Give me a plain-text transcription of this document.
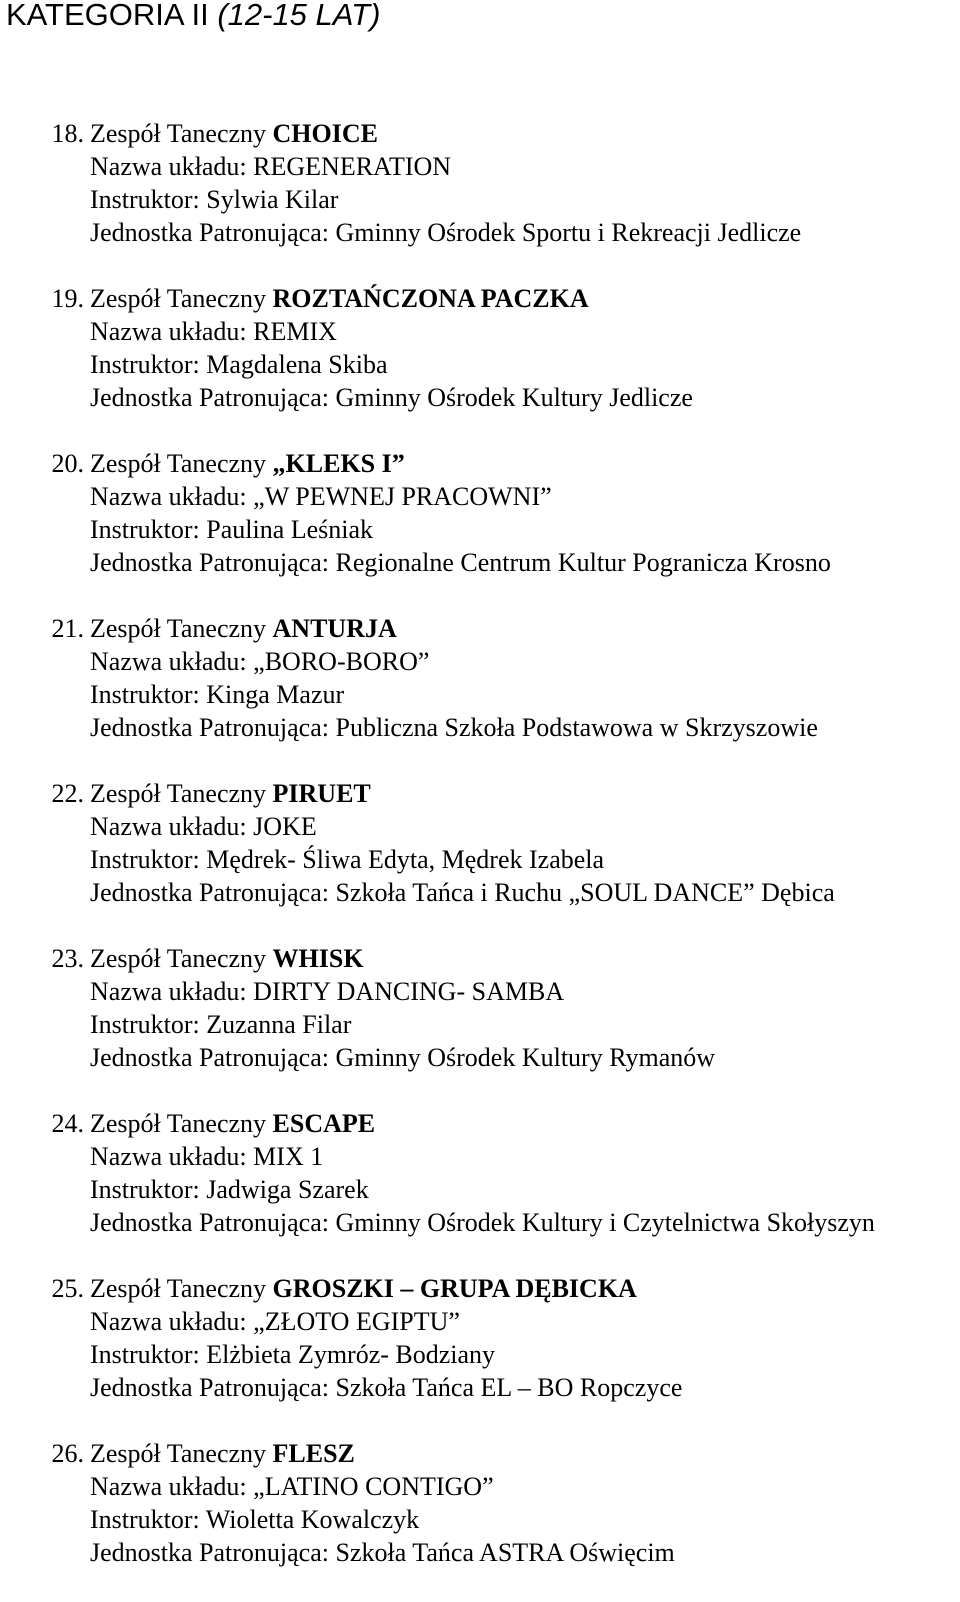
KATEGORIA II (12-15 LAT)
18. Zespół Taneczny CHOICE
Nazwa układu: REGENERATION
Instruktor: Sylwia Kilar
Jednostka Patronująca: Gminny Ośrodek Sportu i Rekreacji Jedlicze
19. Zespół Taneczny ROZTAŃCZONA PACZKA
Nazwa układu: REMIX
Instruktor: Magdalena Skiba
Jednostka Patronująca: Gminny Ośrodek Kultury Jedlicze
20. Zespół Taneczny „KLEKS I”
Nazwa układu: „W PEWNEJ PRACOWNI”
Instruktor: Paulina Leśniak
Jednostka Patronująca: Regionalne Centrum Kultur Pogranicza Krosno
21. Zespół Taneczny ANTURJA
Nazwa układu: „BORO-BORO”
Instruktor: Kinga Mazur
Jednostka Patronująca: Publiczna Szkoła Podstawowa w Skrzyszowie
22. Zespół Taneczny PIRUET
Nazwa układu: JOKE
Instruktor: Mędrek- Śliwa Edyta, Mędrek Izabela
Jednostka Patronująca: Szkoła Tańca i Ruchu „SOUL DANCE” Dębica
23. Zespół Taneczny WHISK
Nazwa układu: DIRTY DANCING- SAMBA
Instruktor: Zuzanna Filar
Jednostka Patronująca: Gminny Ośrodek Kultury Rymanów
24. Zespół Taneczny ESCAPE
Nazwa układu: MIX 1
Instruktor: Jadwiga Szarek
Jednostka Patronująca: Gminny Ośrodek Kultury i Czytelnictwa Skołyszyn
25. Zespół Taneczny GROSZKI – GRUPA DĘBICKA
Nazwa układu: „ZŁOTO EGIPTU”
Instruktor: Elżbieta Zymróz- Bodziany
Jednostka Patronująca: Szkoła Tańca EL – BO Ropczyce
26. Zespół Taneczny FLESZ
Nazwa układu: „LATINO CONTIGO”
Instruktor: Wioletta Kowalczyk
Jednostka Patronująca: Szkoła Tańca ASTRA Oświęcim
